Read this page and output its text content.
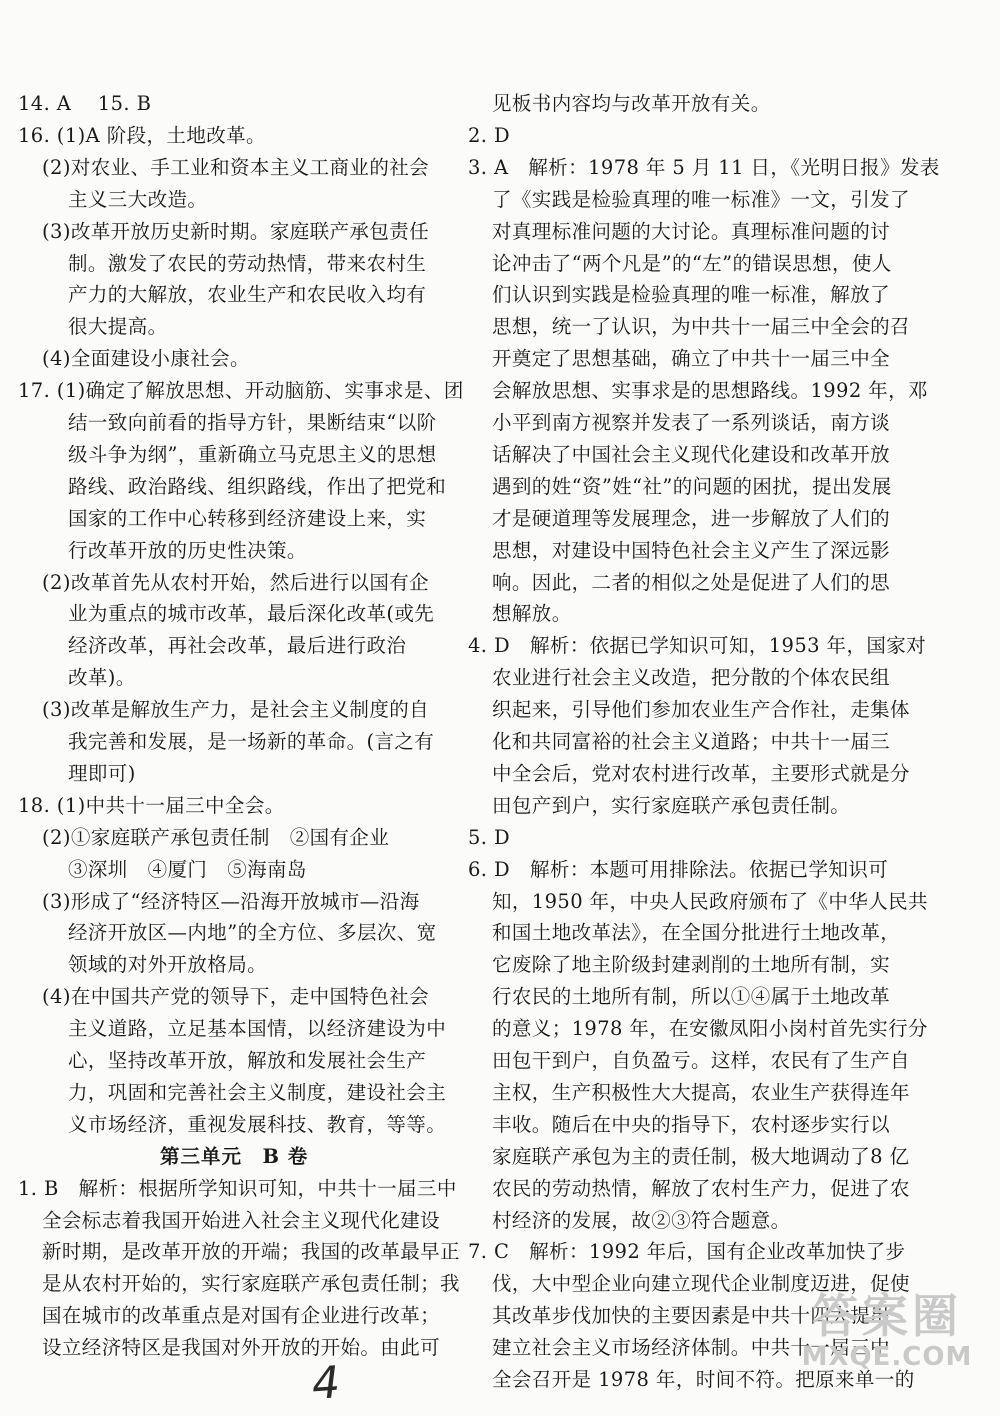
14. A　 15. B
16. (1)A 阶段，土地改革。
(2)对农业、手工业和资本主义工商业的社会
主义三大改造。
(3)改革开放历史新时期。家庭联产承包责任
制。激发了农民的劳动热情，带来农村生
产力的大解放，农业生产和农民收入均有
很大提高。
(4)全面建设小康社会。
17. (1)确定了解放思想、开动脑筋、实事求是、团
结一致向前看的指导方针，果断结束“以阶
级斗争为纲”，重新确立马克思主义的思想
路线、政治路线、组织路线，作出了把党和
国家的工作中心转移到经济建设上来，实
行改革开放的历史性决策。
(2)改革首先从农村开始，然后进行以国有企
业为重点的城市改革，最后深化改革(或先
经济改革，再社会改革，最后进行政治
改革)。
(3)改革是解放生产力，是社会主义制度的自
我完善和发展，是一场新的革命。(言之有
理即可)
18. (1)中共十一届三中全会。
(2)①家庭联产承包责任制　②国有企业
③深圳　④厦门　⑤海南岛
(3)形成了“经济特区—沿海开放城市—沿海
经济开放区—内地”的全方位、多层次、宽
领域的对外开放格局。
(4)在中国共产党的领导下，走中国特色社会
主义道路，立足基本国情，以经济建设为中
心，坚持改革开放，解放和发展社会生产
力，巩固和完善社会主义制度，建设社会主
义市场经济，重视发展科技、教育，等等。
第三单元　B 卷
1. B　解析：根据所学知识可知，中共十一届三中
全会标志着我国开始进入社会主义现代化建设
新时期，是改革开放的开端；我国的改革最早正
是从农村开始的，实行家庭联产承包责任制；我
国在城市的改革重点是对国有企业进行改革；
设立经济特区是我国对外开放的开始。由此可
见板书内容均与改革开放有关。
2. D
3. A　解析：1978 年 5 月 11 日，《光明日报》发表
了《实践是检验真理的唯一标准》一文，引发了
对真理标准问题的大讨论。真理标准问题的讨
论冲击了“两个凡是”的“左”的错误思想，使人
们认识到实践是检验真理的唯一标准，解放了
思想，统一了认识，为中共十一届三中全会的召
开奠定了思想基础，确立了中共十一届三中全
会解放思想、实事求是的思想路线。1992 年，邓
小平到南方视察并发表了一系列谈话，南方谈
话解决了中国社会主义现代化建设和改革开放
遇到的姓“资”姓“社”的问题的困扰，提出发展
才是硬道理等发展理念，进一步解放了人们的
思想，对建设中国特色社会主义产生了深远影
响。因此，二者的相似之处是促进了人们的思
想解放。
4. D　解析：依据已学知识可知，1953 年，国家对
农业进行社会主义改造，把分散的个体农民组
织起来，引导他们参加农业生产合作社，走集体
化和共同富裕的社会主义道路；中共十一届三
中全会后，党对农村进行改革，主要形式就是分
田包产到户，实行家庭联产承包责任制。
5. D
6. D　解析：本题可用排除法。依据已学知识可
知，1950 年，中央人民政府颁布了《中华人民共
和国土地改革法》，在全国分批进行土地改革，
它废除了地主阶级封建剥削的土地所有制，实
行农民的土地所有制，所以①④属于土地改革
的意义；1978 年，在安徽凤阳小岗村首先实行分
田包干到户，自负盈亏。这样，农民有了生产自
主权，生产积极性大大提高，农业生产获得连年
丰收。随后在中央的指导下，农村逐步实行以
家庭联产承包为主的责任制，极大地调动了8 亿
农民的劳动热情，解放了农村生产力，促进了农
村经济的发展，故②③符合题意。
7. C　解析：1992 年后，国有企业改革加快了步
伐，大中型企业向建立现代企业制度迈进，促使
其改革步伐加快的主要因素是中共十四大提出
建立社会主义市场经济体制。中共十一届三中
全会召开是 1978 年，时间不符。把原来单一的
4
答案圈
MXQE.COM
